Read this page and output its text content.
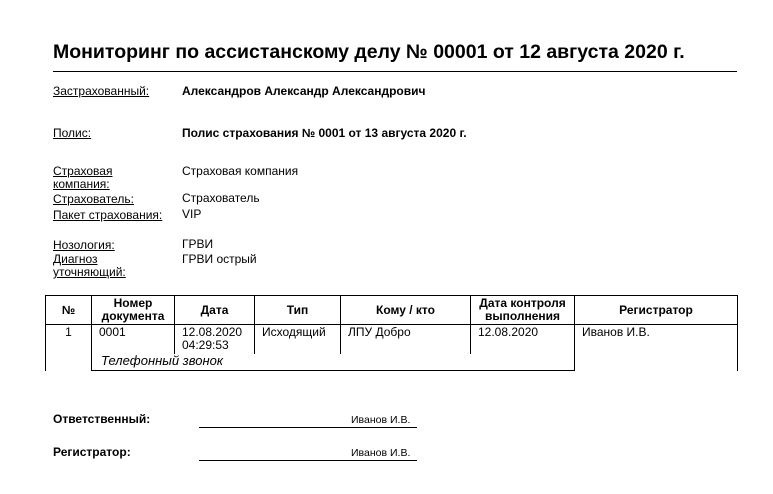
Мониторинг по ассистанскому делу № 00001 от 12 августа 2020 г.
Застрахованный:	Александров Александр Александрович
Полис:	Полис страхования № 0001 от 13 августа 2020 г.
Страховая компания:
Страховая компания
Страхователь:	Страхователь
Пакет страхования:	VIP
Нозология:	ГРВИ
Диагноз уточняющий:
ГРВИ острый
№	Номер документа	Дата	Тип	Кому / кто	Дата контроля выполнения	Регистратор
1	0001	12.08.2020 04:29:53	Исходящий	ЛПУ Добро	12.08.2020	Иванов И.В.
	Телефонный звонок					
Ответственный:	Иванов И.В.
Регистратор:	Иванов И.В.
